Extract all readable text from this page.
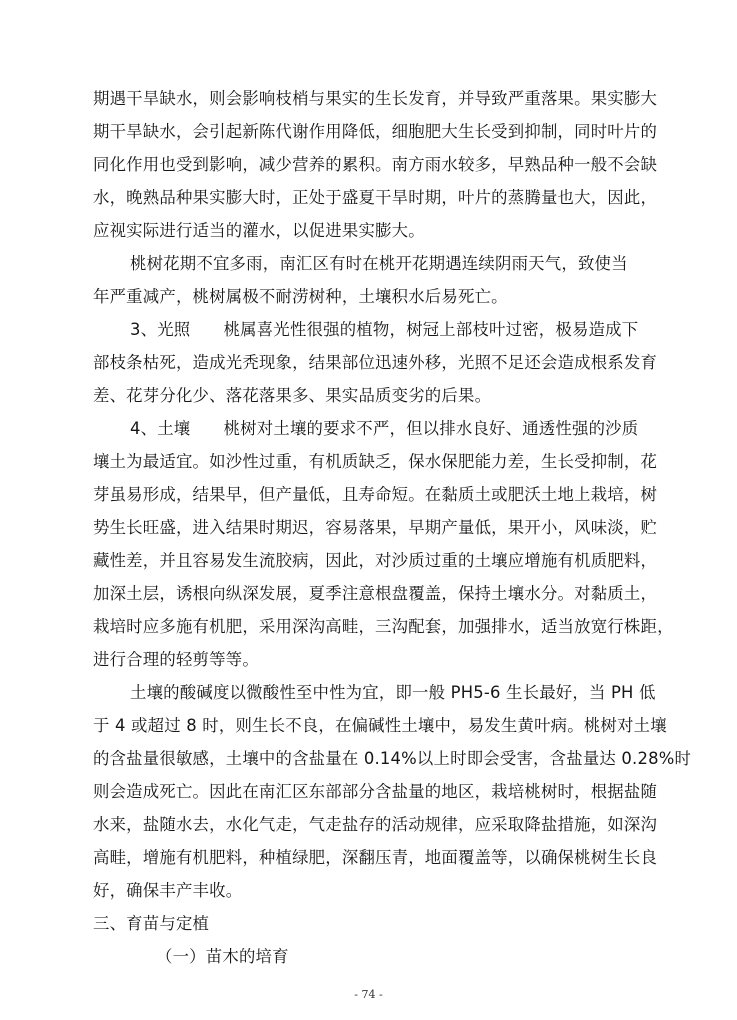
期遇干旱缺水，则会影响枝梢与果实的生长发育，并导致严重落果。果实膨大
期干旱缺水，会引起新陈代谢作用降低，细胞肥大生长受到抑制，同时叶片的
同化作用也受到影响，减少营养的累积。南方雨水较多，早熟品种一般不会缺
水，晚熟品种果实膨大时，正处于盛夏干旱时期，叶片的蒸腾量也大，因此，
应视实际进行适当的灌水，以促进果实膨大。
桃树花期不宜多雨，南汇区有时在桃开花期遇连续阴雨天气，致使当
年严重减产，桃树属极不耐涝树种，土壤积水后易死亡。
3、光照　　桃属喜光性很强的植物，树冠上部枝叶过密，极易造成下
部枝条枯死，造成光秃现象，结果部位迅速外移，光照不足还会造成根系发育
差、花芽分化少、落花落果多、果实品质变劣的后果。
4、土壤　　桃树对土壤的要求不严，但以排水良好、通透性强的沙质
壤土为最适宜。如沙性过重，有机质缺乏，保水保肥能力差，生长受抑制，花
芽虽易形成，结果早，但产量低，且寿命短。在黏质土或肥沃土地上栽培，树
势生长旺盛，进入结果时期迟，容易落果，早期产量低，果开小，风味淡，贮
藏性差，并且容易发生流胶病，因此，对沙质过重的土壤应增施有机质肥料，
加深土层，诱根向纵深发展，夏季注意根盘覆盖，保持土壤水分。对黏质土，
栽培时应多施有机肥，采用深沟高畦，三沟配套，加强排水，适当放宽行株距，
进行合理的轻剪等等。
土壤的酸碱度以微酸性至中性为宜，即一般 PH5-6 生长最好，当 PH 低
于 4 或超过 8 时，则生长不良，在偏碱性土壤中，易发生黄叶病。桃树对土壤
的含盐量很敏感，土壤中的含盐量在 0.14%以上时即会受害，含盐量达 0.28%时
则会造成死亡。因此在南汇区东部部分含盐量的地区，栽培桃树时，根据盐随
水来，盐随水去，水化气走，气走盐存的活动规律，应采取降盐措施，如深沟
高畦，增施有机肥料，种植绿肥，深翻压青，地面覆盖等，以确保桃树生长良
好，确保丰产丰收。
三、育苗与定植
（一）苗木的培育
- 74 -
